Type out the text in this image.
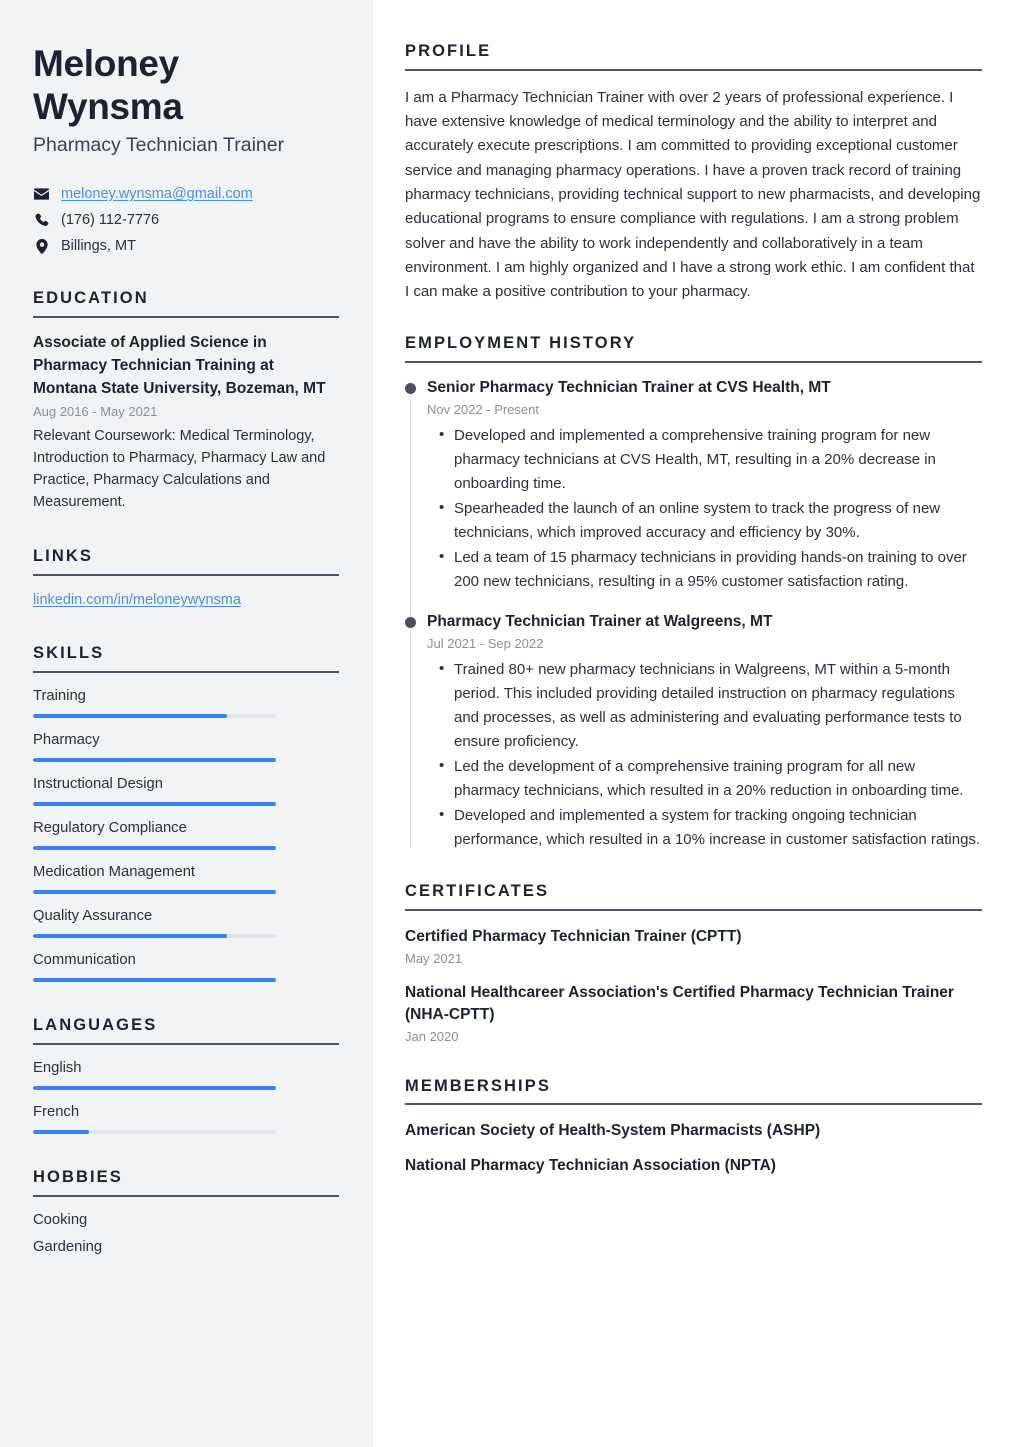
Meloney Wynsma
Pharmacy Technician Trainer
meloney.wynsma@gmail.com
(176) 112-7776
Billings, MT
EDUCATION
Associate of Applied Science in Pharmacy Technician Training at Montana State University, Bozeman, MT
Aug 2016 - May 2021
Relevant Coursework: Medical Terminology, Introduction to Pharmacy, Pharmacy Law and Practice, Pharmacy Calculations and Measurement.
LINKS
linkedin.com/in/meloneywynsma
SKILLS
Training
Pharmacy
Instructional Design
Regulatory Compliance
Medication Management
Quality Assurance
Communication
LANGUAGES
English
French
HOBBIES
Cooking
Gardening
PROFILE

I am a Pharmacy Technician Trainer with over 2 years of professional experience. I have extensive knowledge of medical terminology and the ability to interpret and accurately execute prescriptions. I am committed to providing exceptional customer service and managing pharmacy operations. I have a proven track record of training pharmacy technicians, providing technical support to new pharmacists, and developing educational programs to ensure compliance with regulations. I am a strong problem solver and have the ability to work independently and collaboratively in a team environment. I am highly organized and I have a strong work ethic. I am confident that I can make a positive contribution to your pharmacy.

EMPLOYMENT HISTORY
Senior Pharmacy Technician Trainer at CVS Health, MT
Nov 2022 - Present
• Developed and implemented a comprehensive training program for new pharmacy technicians at CVS Health, MT, resulting in a 20% decrease in onboarding time.
• Spearheaded the launch of an online system to track the progress of new technicians, which improved accuracy and efficiency by 30%.
• Led a team of 15 pharmacy technicians in providing hands-on training to over 200 new technicians, resulting in a 95% customer satisfaction rating.
Pharmacy Technician Trainer at Walgreens, MT
Jul 2021 - Sep 2022
• Trained 80+ new pharmacy technicians in Walgreens, MT within a 5-month period. This included providing detailed instruction on pharmacy regulations and processes, as well as administering and evaluating performance tests to ensure proficiency.
• Led the development of a comprehensive training program for all new pharmacy technicians, which resulted in a 20% reduction in onboarding time.
• Developed and implemented a system for tracking ongoing technician performance, which resulted in a 10% increase in customer satisfaction ratings.
CERTIFICATES
Certified Pharmacy Technician Trainer (CPTT)
May 2021
National Healthcareer Association's Certified Pharmacy Technician Trainer (NHA-CPTT)
Jan 2020
MEMBERSHIPS
American Society of Health-System Pharmacists (ASHP)
National Pharmacy Technician Association (NPTA)
